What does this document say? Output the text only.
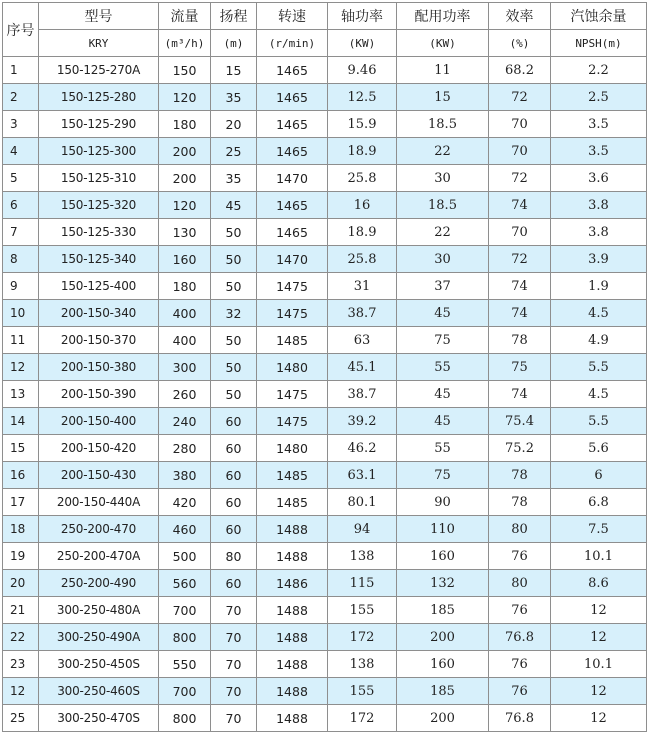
序号	型号	流量	扬程	转速	轴功率	配用功率	效率	汽蚀余量
	KRY	(m³/h)	(m)	(r/min)	(KW)	(KW)	(%)	NPSH(m)
1	150-125-270A	150	15	1465	9.46	11	68.2	2.2
2	150-125-280	120	35	1465	12.5	15	72	2.5
3	150-125-290	180	20	1465	15.9	18.5	70	3.5
4	150-125-300	200	25	1465	18.9	22	70	3.5
5	150-125-310	200	35	1470	25.8	30	72	3.6
6	150-125-320	120	45	1465	16	18.5	74	3.8
7	150-125-330	130	50	1465	18.9	22	70	3.8
8	150-125-340	160	50	1470	25.8	30	72	3.9
9	150-125-400	180	50	1475	31	37	74	1.9
10	200-150-340	400	32	1475	38.7	45	74	4.5
11	200-150-370	400	50	1485	63	75	78	4.9
12	200-150-380	300	50	1480	45.1	55	75	5.5
13	200-150-390	260	50	1475	38.7	45	74	4.5
14	200-150-400	240	60	1475	39.2	45	75.4	5.5
15	200-150-420	280	60	1480	46.2	55	75.2	5.6
16	200-150-430	380	60	1485	63.1	75	78	6
17	200-150-440A	420	60	1485	80.1	90	78	6.8
18	250-200-470	460	60	1488	94	110	80	7.5
19	250-200-470A	500	80	1488	138	160	76	10.1
20	250-200-490	560	60	1486	115	132	80	8.6
21	300-250-480A	700	70	1488	155	185	76	12
22	300-250-490A	800	70	1488	172	200	76.8	12
23	300-250-450S	550	70	1488	138	160	76	10.1
12	300-250-460S	700	70	1488	155	185	76	12
25	300-250-470S	800	70	1488	172	200	76.8	12
